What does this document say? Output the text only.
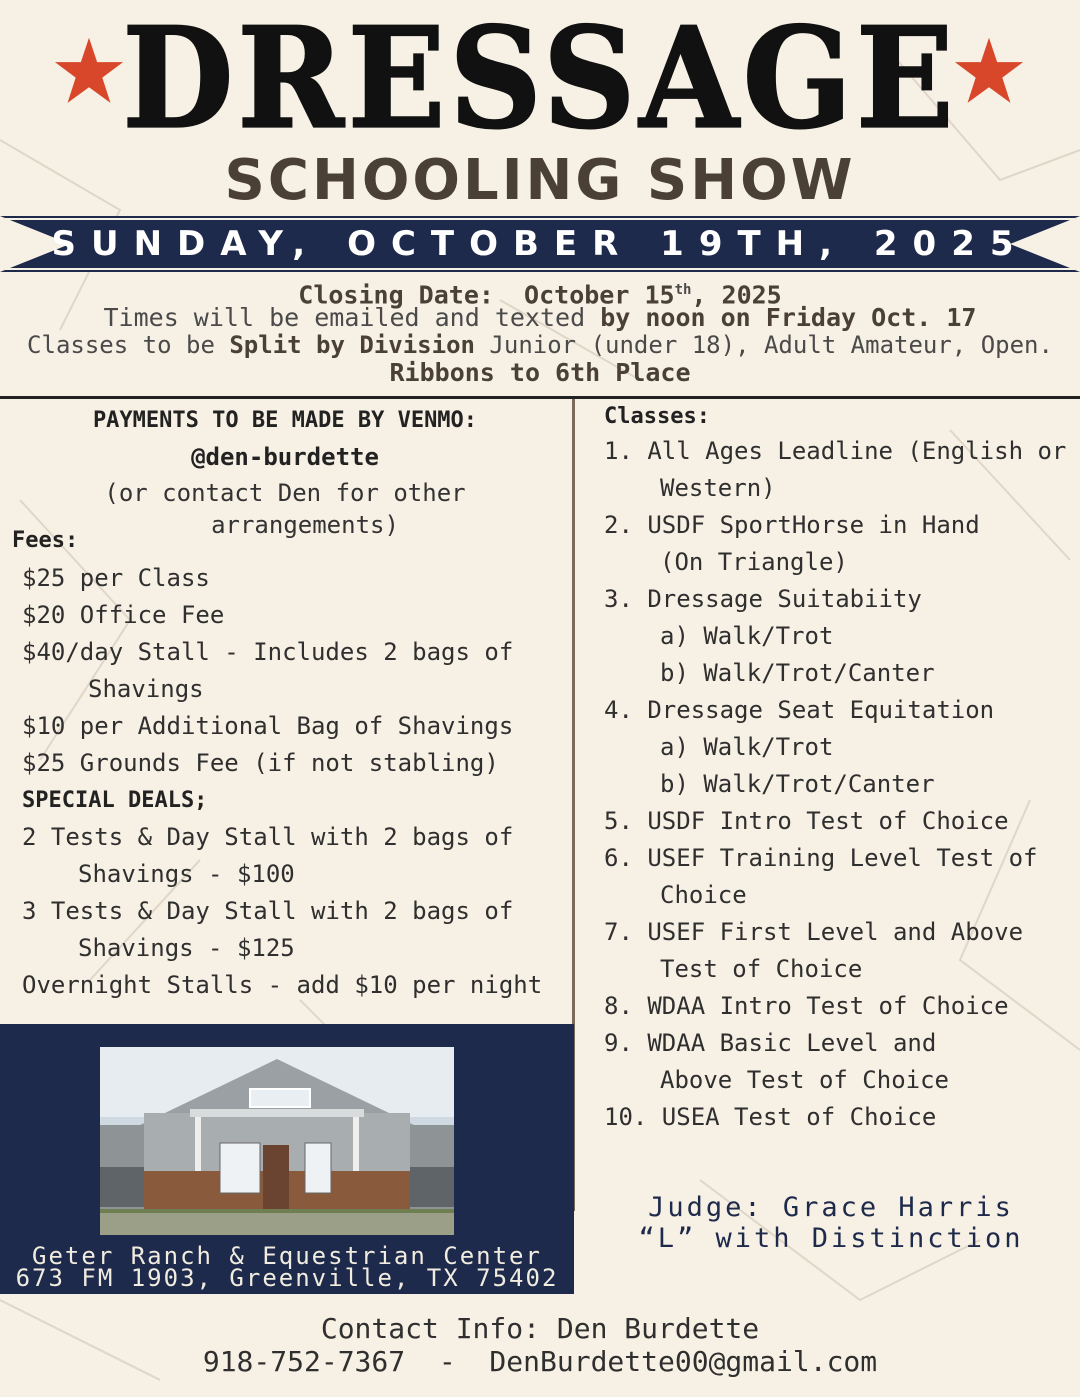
DRESSAGE
SCHOOLING SHOW
SUNDAY, OCTOBER 19TH, 2025
Closing Date: October 15th, 2025
Times will be emailed and texted by noon on Friday Oct. 17
Classes to be Split by Division Junior (under 18), Adult Amateur, Open.
Ribbons to 6th Place
PAYMENTS TO BE MADE BY VENMO:
@den-burdette
(or contact Den for other
arrangements)
Fees:
$25 per Class
$20 Office Fee
$40/day Stall - Includes 2 bags of
Shavings
$10 per Additional Bag of Shavings
$25 Grounds Fee (if not stabling)
SPECIAL DEALS;
2 Tests & Day Stall with 2 bags of
Shavings - $100
3 Tests & Day Stall with 2 bags of
Shavings - $125
Overnight Stalls - add $10 per night
Geter Ranch & Equestrian Center
673 FM 1903, Greenville, TX 75402
Classes:
1. All Ages Leadline (English or
Western)
2. USDF SportHorse in Hand
(On Triangle)
3. Dressage Suitabiity
a) Walk/Trot
b) Walk/Trot/Canter
4. Dressage Seat Equitation
a) Walk/Trot
b) Walk/Trot/Canter
5. USDF Intro Test of Choice
6. USEF Training Level Test of
Choice
7. USEF First Level and Above
Test of Choice
8. WDAA Intro Test of Choice
9. WDAA Basic Level and
Above Test of Choice
10. USEA Test of Choice
Judge: Grace Harris
“L” with Distinction
Contact Info: Den Burdette
918-752-7367  -  DenBurdette00@gmail.com
